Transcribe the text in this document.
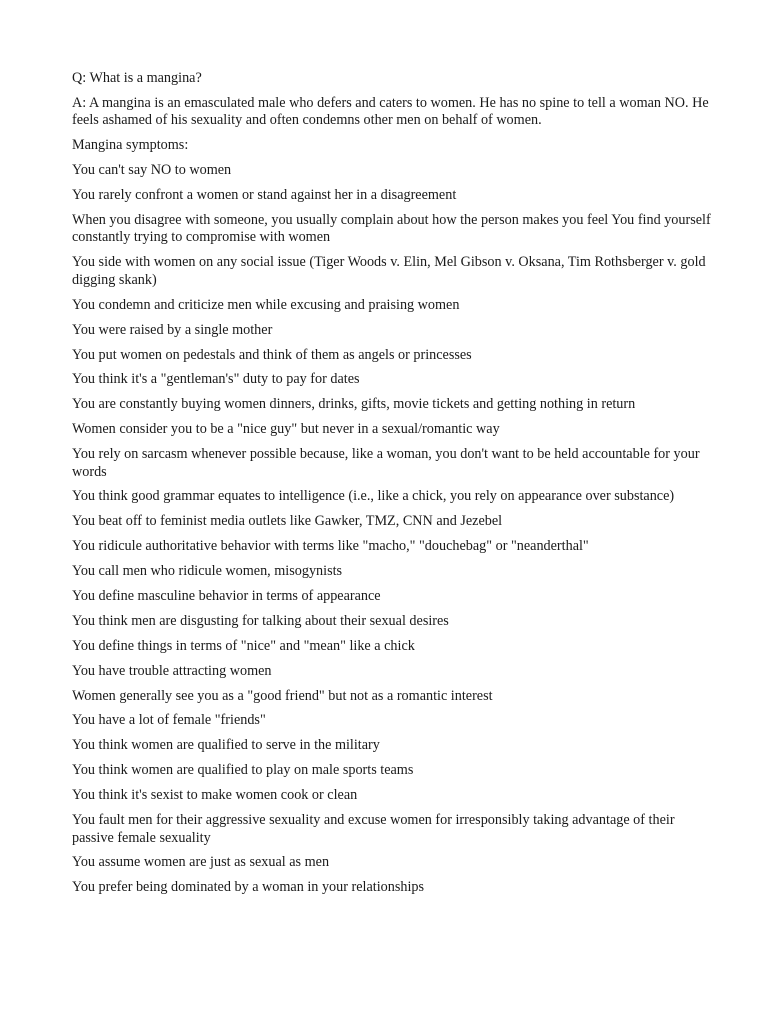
Q: What is a mangina?

A: A mangina is an emasculated male who defers and caters to women. He has no spine to tell a woman NO. He feels ashamed of his sexuality and often condemns other men on behalf of women.

Mangina symptoms:

You can't say NO to women

You rarely confront a women or stand against her in a disagreement

When you disagree with someone, you usually complain about how the person makes you feel You find yourself constantly trying to compromise with women

You side with women on any social issue (Tiger Woods v. Elin, Mel Gibson v. Oksana, Tim Rothsberger v. gold digging skank)

You condemn and criticize men while excusing and praising women

You were raised by a single mother

You put women on pedestals and think of them as angels or princesses

You think it's a "gentleman's" duty to pay for dates

You are constantly buying women dinners, drinks, gifts, movie tickets and getting nothing in return

Women consider you to be a "nice guy" but never in a sexual/romantic way

You rely on sarcasm whenever possible because, like a woman, you don't want to be held accountable for your words

You think good grammar equates to intelligence (i.e., like a chick, you rely on appearance over substance)

You beat off to feminist media outlets like Gawker, TMZ, CNN and Jezebel

You ridicule authoritative behavior with terms like "macho," "douchebag" or "neanderthal"

You call men who ridicule women, misogynists

You define masculine behavior in terms of appearance

You think men are disgusting for talking about their sexual desires

You define things in terms of "nice" and "mean" like a chick

You have trouble attracting women

Women generally see you as a "good friend" but not as a romantic interest

You have a lot of female "friends"

You think women are qualified to serve in the military

You think women are qualified to play on male sports teams

You think it's sexist to make women cook or clean

You fault men for their aggressive sexuality and excuse women for irresponsibly taking advantage of their passive female sexuality

You assume women are just as sexual as men

You prefer being dominated by a woman in your relationships
